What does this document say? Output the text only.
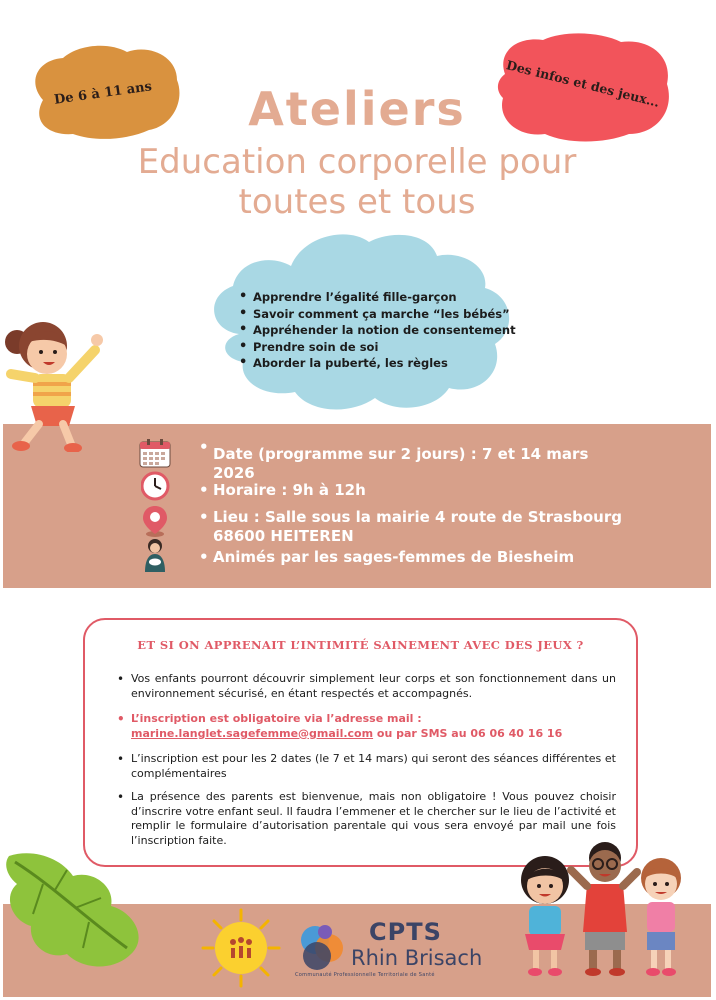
De 6 à 11 ans	Des infos et des jeux...
Ateliers
Education corporelle pour
toutes et tous
• Apprendre l’égalité fille-garçon
• Savoir comment ça marche “les bébés”
• Appréhender la notion de consentement
• Prendre soin de soi
• Aborder la puberté, les règles
• Date (programme sur 2 jours) : 7 et 14 mars 2026
• Horaire : 9h à 12h
• Lieu : Salle sous la mairie 4 route de Strasbourg
68600 HEITEREN
• Animés par les sages-femmes de Biesheim
ET SI ON APPRENAIT L’INTIMITÉ SAINEMENT AVEC DES JEUX ?
• Vos enfants pourront découvrir simplement leur corps et son fonctionnement dans un environnement sécurisé, en étant respectés et accompagnés.
• L’inscription est obligatoire via l’adresse mail :
marine.langlet.sagefemme@gmail.com ou par SMS au 06 06 40 16 16
• L’inscription est pour les 2 dates (le 7 et 14 mars) qui seront des séances différentes et complémentaires
• La présence des parents est bienvenue, mais non obligatoire ! Vous pouvez choisir d’inscrire votre enfant seul. Il faudra l’emmener et le chercher sur le lieu de l’activité et remplir le formulaire d’autorisation parentale qui vous sera envoyé par mail une fois l’inscription faite.
CPTS
Rhin Brisach
Communauté Professionnelle Territoriale de Santé
